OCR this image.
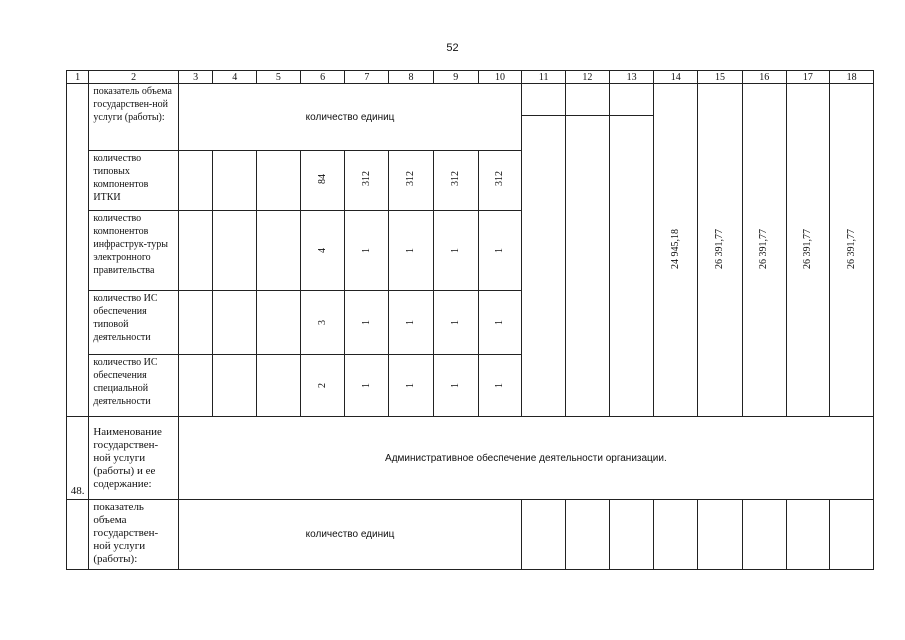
52
1	2	3	4	5	6	7	8	9	10	11	12	13	14	15	16	17	18
	показатель объема государствен-ной услуги (работы):	количество единиц											24 945,18	26 391,77	26 391,77	26 391,77	26 391,77
	количество типовых компонентов ИТКИ				84	312	312	312	312								
	количество компонентов инфраструк-туры электронного правительства				4	1	1	1	1								
	количество ИС обеспечения типовой деятельности				3	1	1	1	1								
	количество ИС обеспечения специальной деятельности				2	1	1	1	1								
48.	Наименование государствен-ной услуги (работы) и ее содержание:	Административное обеспечение деятельности организации.															
	показатель объема государствен-ной услуги (работы):	количество единиц															
